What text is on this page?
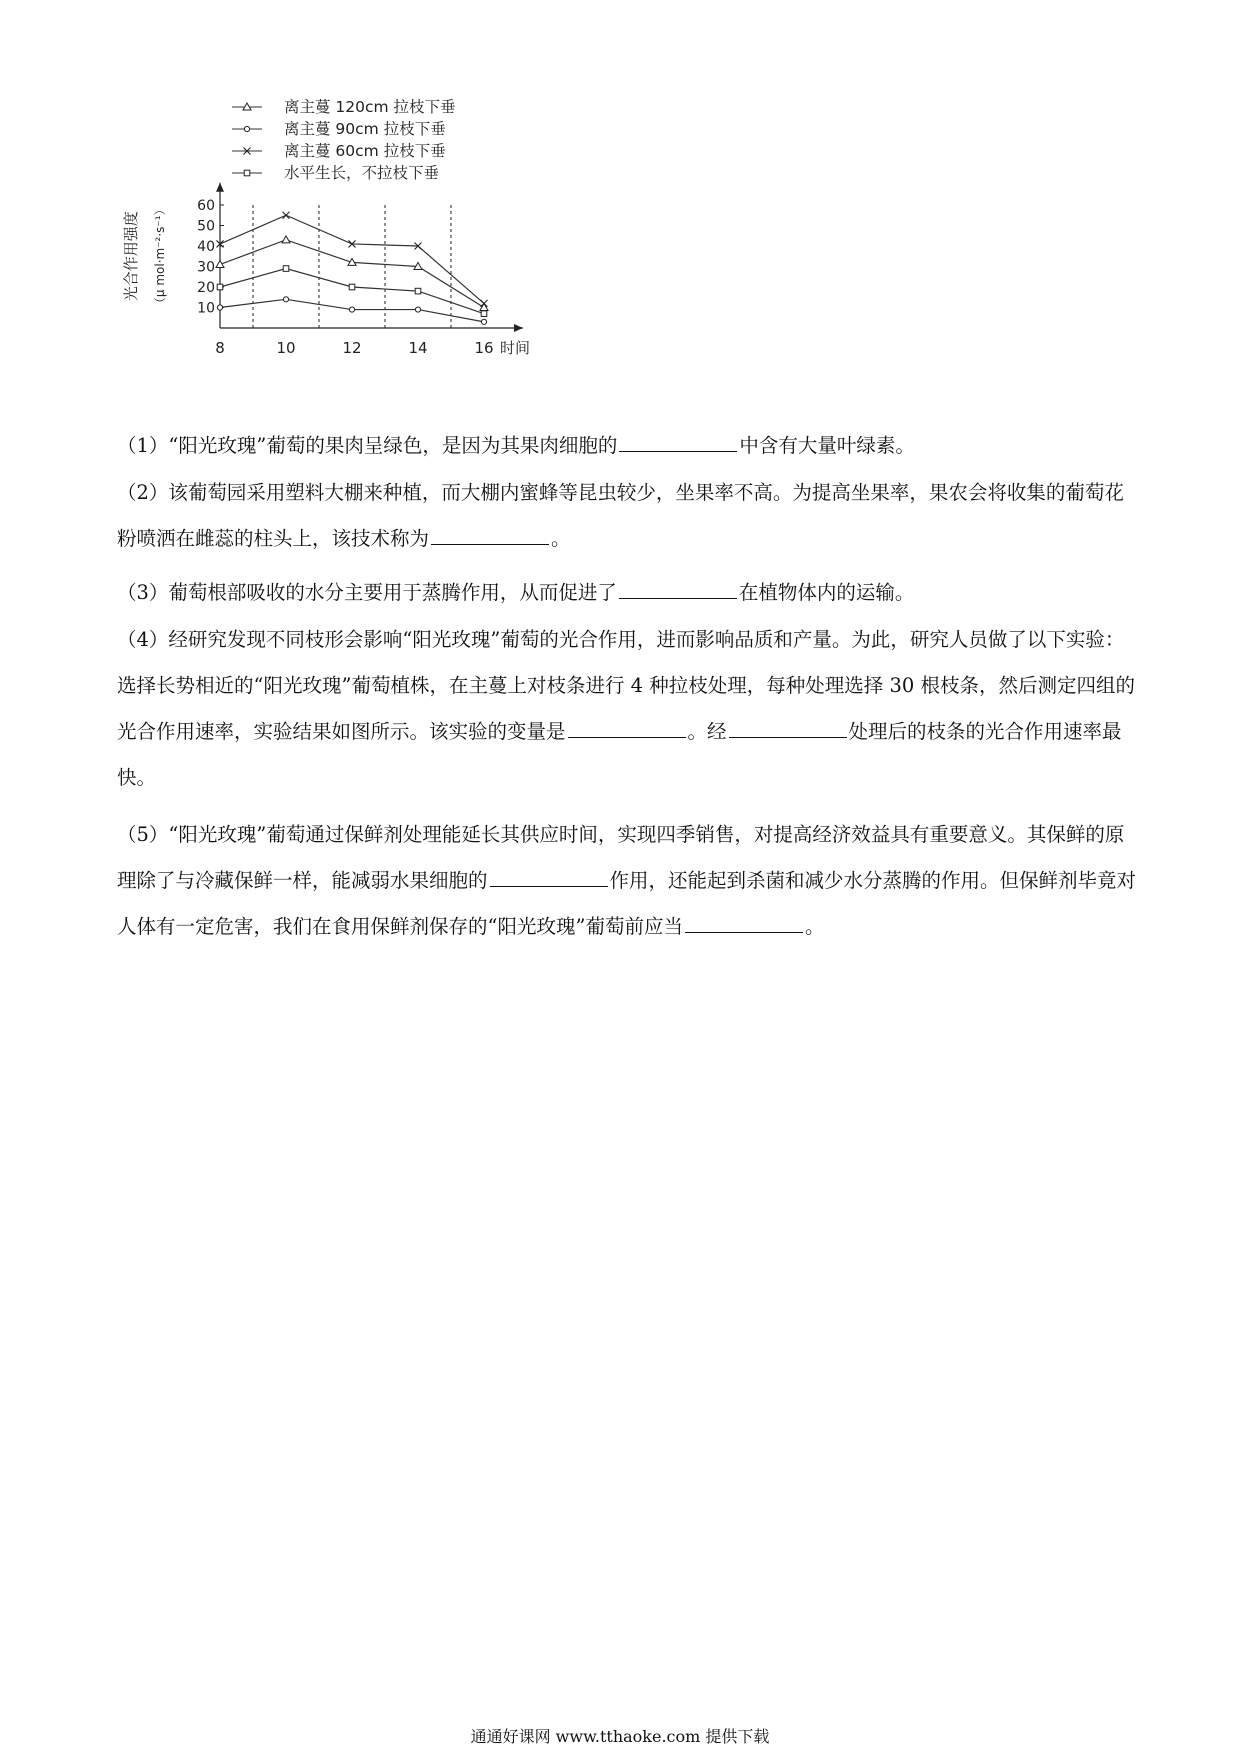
10
20
30
40
50
60
8	10	12	14	16 时间
光合作用强度 （μ mol·m⁻²·s⁻¹）
离主蔓 120cm 拉枝下垂
离主蔓 90cm 拉枝下垂
离主蔓 60cm 拉枝下垂
水平生长，不拉枝下垂

（1）“阳光玫瑰”葡萄的果肉呈绿色，是因为其果肉细胞的	中含有大量叶绿素。

（2）该葡萄园采用塑料大棚来种植，而大棚内蜜蜂等昆虫较少，坐果率不高。为提高坐果率，果农会将收集的葡萄花粉喷洒在雌蕊的柱头上，该技术称为	。

（3）葡萄根部吸收的水分主要用于蒸腾作用，从而促进了	在植物体内的运输。

（4）经研究发现不同枝形会影响“阳光玫瑰”葡萄的光合作用，进而影响品质和产量。为此，研究人员做了以下实验：选择长势相近的“阳光玫瑰”葡萄植株，在主蔓上对枝条进行 4 种拉枝处理，每种处理选择 30 根枝条，然后测定四组的光合作用速率，实验结果如图所示。该实验的变量是	。经	处理后的枝条的光合作用速率最快。

（5）“阳光玫瑰”葡萄通过保鲜剂处理能延长其供应时间，实现四季销售，对提高经济效益具有重要意义。其保鲜的原理除了与冷藏保鲜一样，能减弱水果细胞的	作用，还能起到杀菌和减少水分蒸腾的作用。但保鲜剂毕竟对人体有一定危害，我们在食用保鲜剂保存的“阳光玫瑰”葡萄前应当	。

通通好课网 www.tthaoke.com 提供下载
